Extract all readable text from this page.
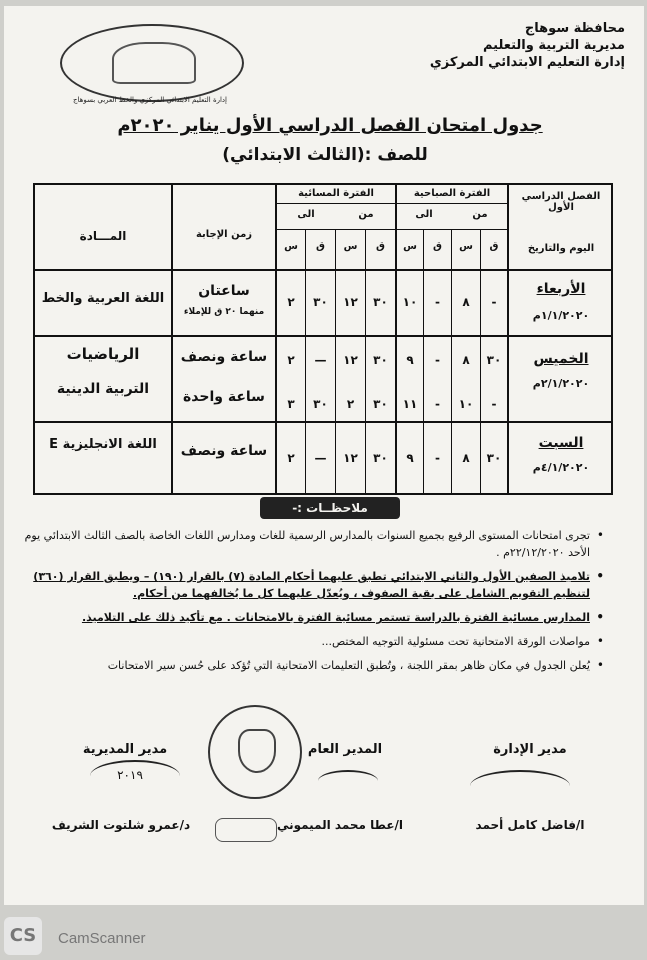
محافظة سوهاج
مديرية التربية والتعليم
إدارة التعليم الابتدائي المركزي
إدارة التعليم الابتدائي المركزي والخط العربي بسوهاج
جدول امتحان الفصل الدراسي الأول يناير ٢٠٢٠م
للصف :(الثالث الابتدائي)
الفصل الدراسي الأول
اليوم والتاريخ
الفترة الصباحية
الفترة المسائية
من
الى
من
الى
ق
س
ق
س
ق
س
ق
س
زمن الإجابة
المـــادة
الأربعاء
١/١/٢٠٢٠م
-
٨
-
١٠
٣٠
١٢
٣٠
٢
ساعتان
منهما ٢٠ ق للإملاء
اللغة العربية والخط
الخميس
٢/١/٢٠٢٠م
٣٠
٨
-
٩
٣٠
١٢
—
٢
ساعة ونصف
الرياضيات
-
١٠
-
١١
٣٠
٢
٣٠
٣
ساعة واحدة
التربية الدينية
السبت
٤/١/٢٠٢٠م
٣٠
٨
-
٩
٣٠
١٢
—
٢
ساعة ونصف
اللغة الانجليزية E
ملاحظــات :-
• تجرى امتحانات المستوى الرفيع بجميع السنوات بالمدارس الرسمية للغات ومدارس اللغات الخاصة بالصف الثالث الابتدائي يوم الأحد ٢٢/١٢/٢٠٢٠م .
• تلاميذ الصفين الأول والثاني الابتدائي تطبق عليهما أحكام المادة (٧) بالقرار (١٩٠) – ويطبق القرار (٣٦٠) لتنظيم التقويم الشامل على بقية الصفوف ، ويُعدّل عليهما كل ما يُخالفهما من أحكام.
• المدارس مسائية الفترة بالدراسة تستمر مسائية الفترة بالامتحانات . مع تأكيد ذلك على التلاميذ.
• مواصلات الورقة الامتحانية تحت مسئولية التوجيه المختص...
• يُعلن الجدول في مكان ظاهر بمقر اللجنة ، وتُطبق التعليمات الامتحانية التي تُؤكد على حُسن سير الامتحانات
مدير الإدارة
ا/فاضل كامل أحمد
المدير العام
ا/عطا محمد الميموني
مدير المديرية
د/عمرو شلتوت الشريف
٢٠١٩
CS	CamScanner
